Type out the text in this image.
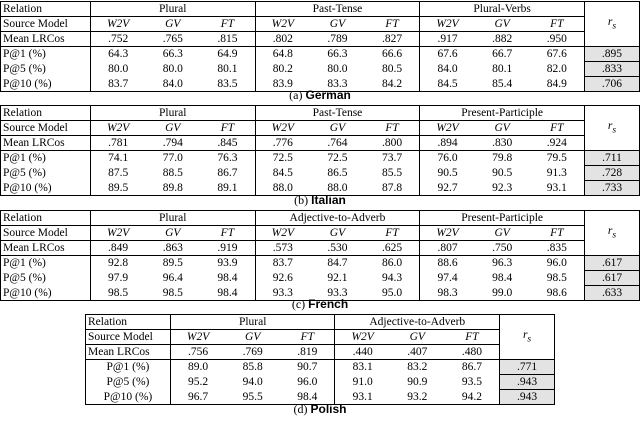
Relation	Plural			Past-Tense			Plural-Verbs			$r_s$
Source Model	W2V	GV	FT	W2V	GV	FT	W2V	GV	FT	
Mean LRCos	.752	.765	.815	.802	.789	.827	.917	.882	.950	
P@1 (%)	64.3	66.3	64.9	64.8	66.3	66.6	67.6	66.7	67.6	.895
P@5 (%)	80.0	80.0	80.1	80.2	80.0	80.5	84.0	80.1	82.0	.833
P@10 (%)	83.7	84.0	83.5	83.9	83.3	84.2	84.5	85.4	84.9	.706
(a) German
Relation	Plural			Past-Tense			Present-Participle			$r_s$
Source Model	W2V	GV	FT	W2V	GV	FT	W2V	GV	FT	
Mean LRCos	.781	.794	.845	.776	.764	.800	.894	.830	.924	
P@1 (%)	74.1	77.0	76.3	72.5	72.5	73.7	76.0	79.8	79.5	.711
P@5 (%)	87.5	88.5	86.7	84.5	86.5	85.5	90.5	90.5	91.3	.728
P@10 (%)	89.5	89.8	89.1	88.0	88.0	87.8	92.7	92.3	93.1	.733
(b) Italian
Relation	Plural			Adjective-to-Adverb			Present-Participle			$r_s$
Source Model	W2V	GV	FT	W2V	GV	FT	W2V	GV	FT	
Mean LRCos	.849	.863	.919	.573	.530	.625	.807	.750	.835	
P@1 (%)	92.8	89.5	93.9	83.7	84.7	86.0	88.6	96.3	96.0	.617
P@5 (%)	97.9	96.4	98.4	92.6	92.1	94.3	97.4	98.4	98.5	.617
P@10 (%)	98.5	98.5	98.4	93.3	93.3	95.0	98.3	99.0	98.6	.633
(c) French
Relation	Plural			Adjective-to-Adverb			$r_s$
Source Model	W2V	GV	FT	W2V	GV	FT	
Mean LRCos	.756	.769	.819	.440	.407	.480	
P@1 (%)	89.0	85.8	90.7	83.1	83.2	86.7	.771
P@5 (%)	95.2	94.0	96.0	91.0	90.9	93.5	.943
P@10 (%)	96.7	95.5	98.4	93.1	93.2	94.2	.943
(d) Polish
